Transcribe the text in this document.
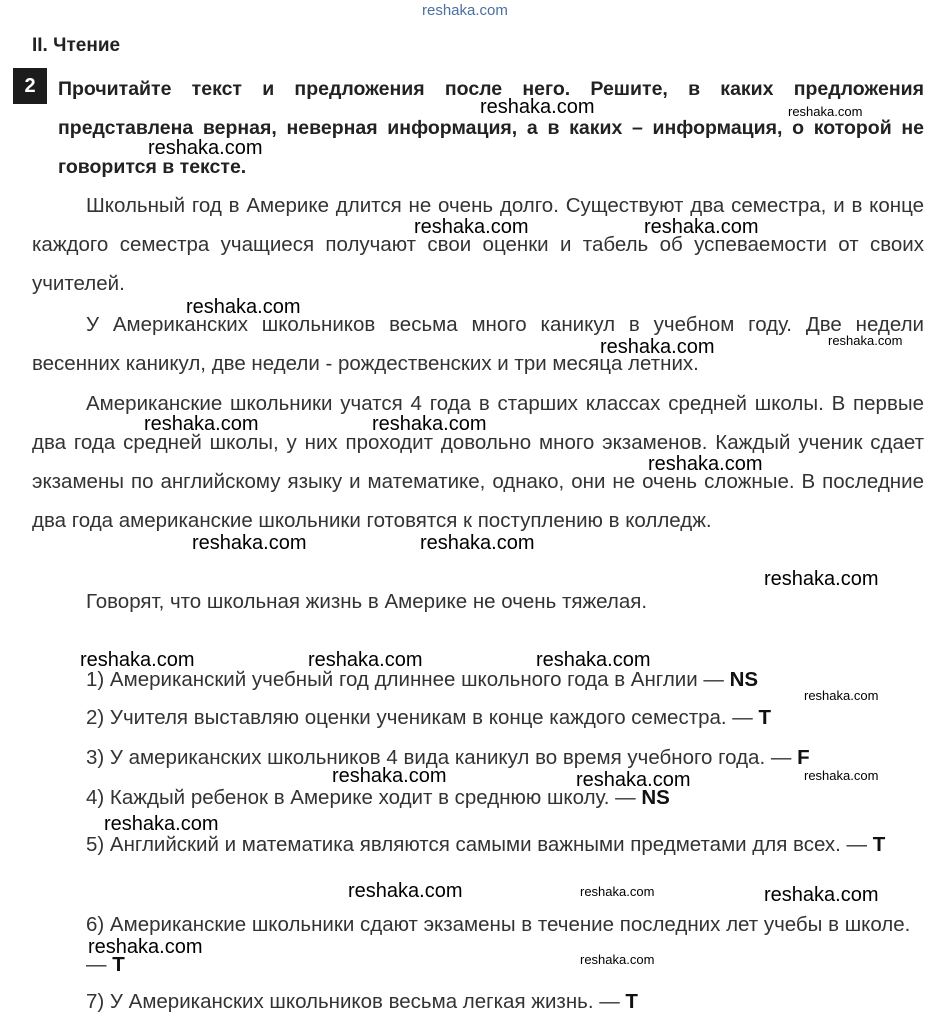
reshaka.com
II. Чтение
2	Прочитайте текст и предложения после него. Решите, в каких предложения представлена верная, неверная информация, а в каких – информация, о которой не говорится в тексте.
Школьный год в Америке длится не очень долго. Существуют два семестра, и в конце каждого семестра учащиеся получают свои оценки и табель об успеваемости от своих учителей.
У Американских школьников весьма много каникул в учебном году. Две недели весенних каникул, две недели - рождественских и три месяца летних.
Американские школьники учатся 4 года в старших классах средней школы. В первые два года средней школы, у них проходит довольно много экзаменов. Каждый ученик сдает экзамены по английскому языку и математике, однако, они не очень сложные. В последние два года американские школьники готовятся к поступлению в колледж.
Говорят, что школьная жизнь в Америке не очень тяжелая.
1) Американский учебный год длиннее школьного года в Англии — NS
2) Учителя выставляю оценки ученикам в конце каждого семестра. — T
3) У американских школьников 4 вида каникул во время учебного года. — F
4) Каждый ребенок в Америке ходит в среднюю школу. — NS
5) Английский и математика являются самыми важными предметами для всех. — T
6) Американские школьники сдают экзамены в течение последних лет учебы в школе. — T
7) У Американских школьников весьма легкая жизнь. — T
reshaka.com	reshaka.com
reshaka.com
reshaka.com	reshaka.com
reshaka.com
reshaka.com
reshaka.com
reshaka.com	reshaka.com
reshaka.com
reshaka.com	reshaka.com
reshaka.com
reshaka.com	reshaka.com	reshaka.com
reshaka.com
reshaka.com	reshaka.com	reshaka.com
reshaka.com
reshaka.com	reshaka.com	reshaka.com
reshaka.com
reshaka.com
